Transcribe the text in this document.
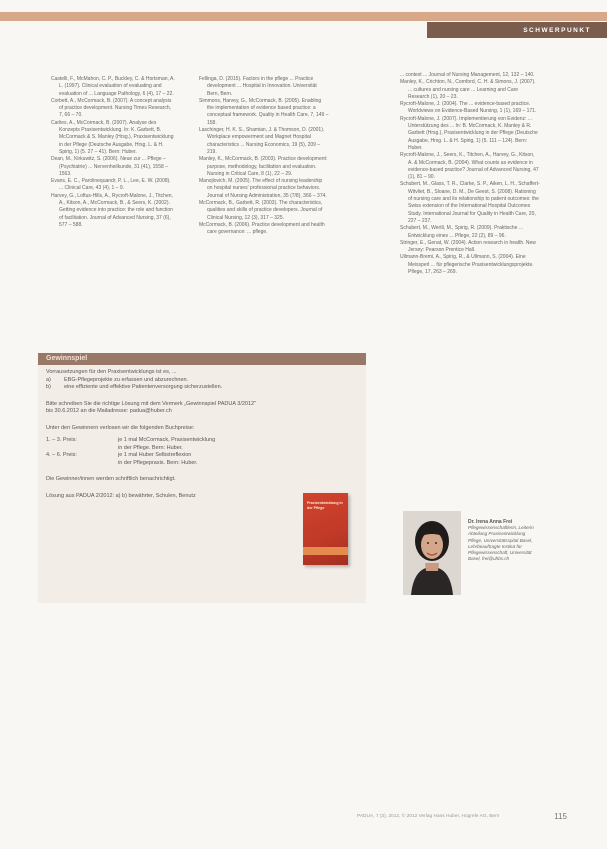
SCHWERPUNKT

Castelli, F., McMahon, C. P., Buckley, C. & Hortsman, A. L. (1997). Clinical evaluation of evaluating and evaluation of ... Language Pathology, 6 (4), 17 – 22.

Corbett, A., McCormack, B. (2007). A concept analysis of practice development. Nursing Times Research, 7, 66 – 70.

Carlies, A., McCormack, B. (2007). Analyse des Konzepts Praxisentwicklung. In: K. Garbett, B. McCormack & S. Manley (Hrsg.), Praxisentwicklung in der Pflege (Deutsche Ausgabe, Hrsg. L. & H. Spirig, 1) (5. 27 – 41). Bern: Huber.

Dean, M., Kirkuwitz, S. (2006). Neue zur ... Pflege – (Psychiatrie) ... Nervenheilkunde, 31 (41), 1558 – 1563.

Evans, E. C., Parolinequandr, P. L., Lee, E. W. (2008). ... Clinical Care, 43 (4), 1 – 9.

Harvey, G., Loftus-Hills, A., Rycroft-Malone, J., Titchen, A., Kitson, A., McCormack, B., & Seers, K. (2002). Getting evidence into practice: the role and function of facilitation. Journal of Advanced Nursing, 37 (6), 577 – 588.

Fellinga, D. (2015). Factors in the pflege ... Practice development ... Hospital in Innovation. Universität Bern, Bern.

Simmons, Harvey, G., McCormack, B. (2005). Enabling the implementation of evidence based practice: a conceptual framework. Quality in Health Care, 7, 149 – 158.

Laschinger, H. K. S., Shamian, J. & Thomson, D. (2001). Workplace empowerment and Magnet Hospital characteristics ... Nursing Economics, 19 (5), 209 – 219.

Manley, K., McCormack, B. (2003). Practice development: purpose, methodology, facilitation and evaluation. Nursing in Critical Care, 8 (1), 22 – 29.

Manojlovich, M. (2005). The effect of nursing leadership on hospital nurses' professional practice behaviors. Journal of Nursing Administration, 35 (7/8), 366 – 374.

McCormack, B., Garbett, R. (2003). The characteristics, qualities and skills of practice developers. Journal of Clinical Nursing, 12 (3), 317 – 325.

McCormack, B. (2006). Practice development and health care governance: ... pflege.

... context ... Journal of Nursing Management, 12, 132 – 140.

Manley, K., Crichton, N., Cornford, C. H. & Simons, J. (2007). ... cultures and nursing care ... Learning and Care Research (1), 20 – 23.

Rycroft-Malone, J. (2004). The ... evidence-based practice. Worldviews on Evidence-Based Nursing, 1 (1), 169 – 171.

Rycroft-Malone, J. (2007). Implementierung von Evidenz: ... Unterstützung des ... In: B. McCormack, K. Manley & R. Garbett (Hrsg.), Praxisentwicklung in der Pflege (Deutsche Ausgabe, Hrsg. L. & H. Spirig, 1) (5. 111 – 124). Bern: Huber.

Rycroft-Malone, J., Seers, K., Titchen, A., Harvey, G., Kitson, A. & McCormack, B. (2004). What counts as evidence in evidence-based practice? Journal of Advanced Nursing, 47 (1), 81 – 90.

Schubert, M., Glass, T. R., Clarke, S. P., Aiken, L. H., Schaffert-Witvliet, B., Sloane, D. M., De Geest, S. (2008). Rationing of nursing care and its relationship to patient outcomes: the Swiss extension of the International Hospital Outcomes Study. International Journal for Quality in Health Care, 20, 227 – 237.

Schubert, M., Wertli, M., Spirig, R. (2009). Praktische ... Entwicklung eines ... Pflege, 22 (2), 89 – 96.

Stringer, E., Genat, W. (2004). Action research in health. New Jersey: Pearson Prentice Hall.

Ullmann-Bremi, A., Spirig, R., & Ullmann, S. (2004). Eine Meissperl ... für pflegerische Praxisentwicklungsprojekte. Pflege, 17, 263 – 269.

Gewinnspiel

Vorrausetzungen für den Praxisentwicklungs ist es, ...

a)	EBG-Pflegeprojekte zu erfassen und abzurechnen.
b)	eine effiziente und effektive Patientenversorgung sicherzustellen.

Bitte schreiben Sie die richtige Lösung mit dem Vermerk „Gewinnspiel PADUA 3/2012"

bis 30.6.2012 an die Mailadresse: padua@huber.ch

Unter den Gewinnern verlosen wir die folgenden Buchpreise:

1. – 3. Preis:	je 1 mal McCormack, Praxisentwicklung
in der Pflege. Bern: Huber.
4. – 6. Preis:	je 1 mal Huber Selbstreflexion
in der Pflegepraxis. Bern: Huber.

Die Gewinner/innen werden schriftlich benachrichtigt.

Lösung aus PADUA 2/2012: a) b) bewährter, Schulen, Benutz

Praxisentwicklung in der Pflege
Dr. Irena Anna Frei
Pflegewissenschaftlerin, Leiterin Abteilung Praxisentwicklung Pflege, Universitätsspital Basel, Lehrbeauftragte Institut für Pflegewissenschaft, Universität Basel, frei@uhbs.ch
PADUA, 7 (3), 2012, © 2012 Verlag Hans Huber, Hogrefe AG, Bern	115
